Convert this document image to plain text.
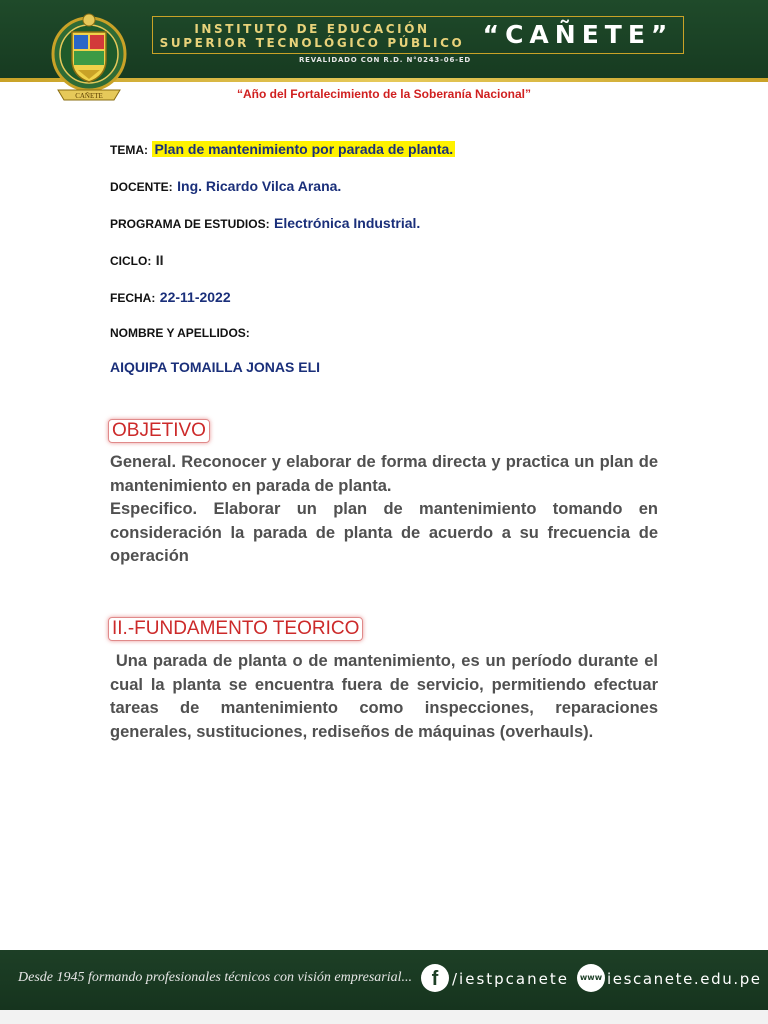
INSTITUTO DE EDUCACIÓN
SUPERIOR TECNOLÓGICO PÚBLICO “CAÑETE”
REVALIDADO CON R.D. N°0243-06-ED
CAÑETE	“Año del Fortalecimiento de la Soberanía Nacional”
TEMA: Plan de mantenimiento por parada de planta.
DOCENTE: Ing. Ricardo Vilca Arana.
PROGRAMA DE ESTUDIOS: Electrónica Industrial.
CICLO: II
FECHA: 22-11-2022
NOMBRE Y APELLIDOS:
AIQUIPA TOMAILLA JONAS ELI
OBJETIVO

General. Reconocer y elaborar de forma directa y practica un plan de mantenimiento en parada de planta.

Especifico. Elaborar un plan de mantenimiento tomando en consideración la parada de planta de acuerdo a su frecuencia de operación

II.-FUNDAMENTO TEORICO

Una parada de planta o de mantenimiento, es un período durante el cual la planta se encuentra fuera de servicio, permitiendo efectuar tareas de mantenimiento como inspecciones, reparaciones generales, sustituciones, rediseños de máquinas (overhauls).

Desde 1945 formando profesionales técnicos con visión empresarial... f /iestpcanete	www iescanete.edu.pe
